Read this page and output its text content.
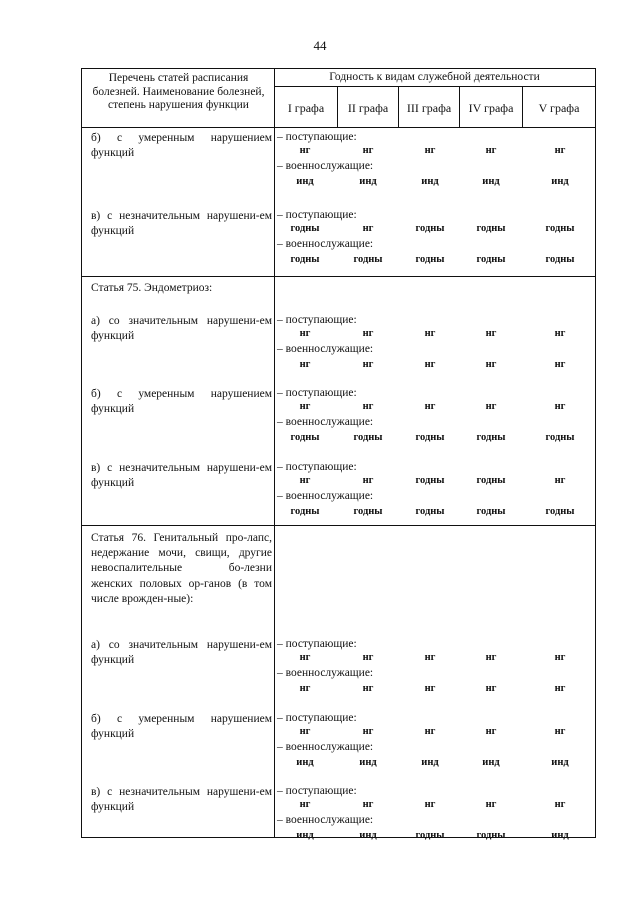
44
Перечень статей расписания болезней. Наименование болезней, степень нарушения функции
Годность к видам служебной деятельности
I графа	II графа	III графа	IV графа	V графа
б) с умеренным нарушением функций
– поступающие:
нг	нг	нг	нг	нг
– военнослужащие:
инд	инд	инд	инд	инд
в) с незначительным нарушени-ем функций
– поступающие:
годны	нг	годны	годны	годны
– военнослужащие:
годны	годны	годны	годны	годны
Статья 75. Эндометриоз:
а) со значительным нарушени-ем функций
– поступающие:
нг	нг	нг	нг	нг
– военнослужащие:
нг	нг	нг	нг	нг
б) с умеренным нарушением функций
– поступающие:
нг	нг	нг	нг	нг
– военнослужащие:
годны	годны	годны	годны	годны
в) с незначительным нарушени-ем функций
– поступающие:
нг	нг	годны	годны	нг
– военнослужащие:
годны	годны	годны	годны	годны
Статья 76. Генитальный про-лапс, недержание мочи, свищи, другие невоспалительные бо-лезни женских половых ор-ганов (в том числе врожден-ные):
а) со значительным нарушени-ем функций
– поступающие:
нг	нг	нг	нг	нг
– военнослужащие:
нг	нг	нг	нг	нг
б) с умеренным нарушением функций
– поступающие:
нг	нг	нг	нг	нг
– военнослужащие:
инд	инд	инд	инд	инд
в) с незначительным нарушени-ем функций
– поступающие:
нг	нг	нг	нг	нг
– военнослужащие:
инд	инд	годны	годны	инд
